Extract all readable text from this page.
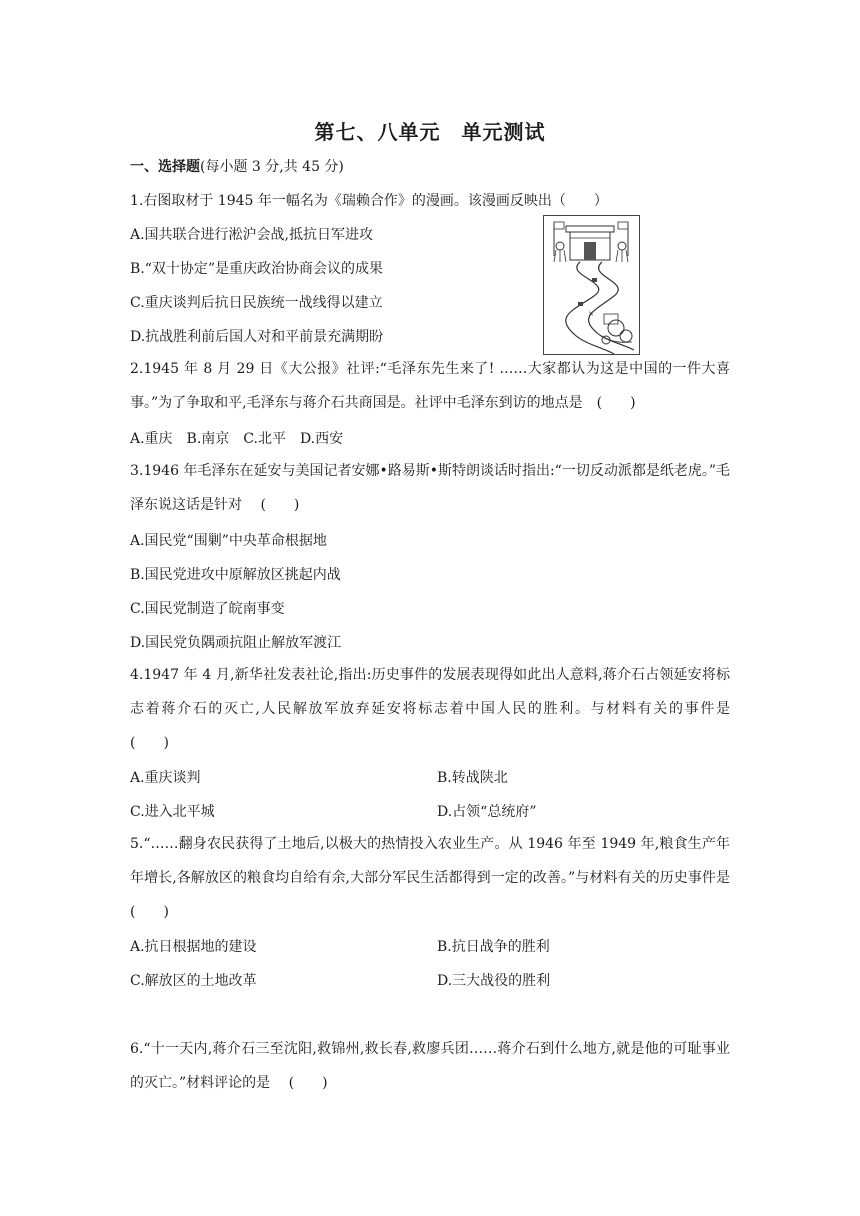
第七、八单元　单元测试
一、选择题(每小题 3 分,共 45 分)
1.右图取材于 1945 年一幅名为《瑞赖合作》的漫画。该漫画反映出（　　）
A.国共联合进行淞沪会战,抵抗日军进攻
B.“双十协定”是重庆政治协商会议的成果
C.重庆谈判后抗日民族统一战线得以建立
D.抗战胜利前后国人对和平前景充满期盼
✕
2.1945 年 8 月 29 日《大公报》社评:“毛泽东先生来了! ……大家都认为这是中国的一件大喜事。”为了争取和平,毛泽东与蒋介石共商国是。社评中毛泽东到访的地点是　(　　)
A.重庆　B.南京　C.北平　D.西安
3.1946 年毛泽东在延安与美国记者安娜•路易斯•斯特朗谈话时指出:“一切反动派都是纸老虎。”毛泽东说这话是针对　 (　　)
A.国民党“围剿”中央革命根据地
B.国民党进攻中原解放区挑起内战
C.国民党制造了皖南事变
D.国民党负隅顽抗阻止解放军渡江
4.1947 年 4 月,新华社发表社论,指出:历史事件的发展表现得如此出人意料,蒋介石占领延安将标志着蒋介石的灭亡,人民解放军放弃延安将标志着中国人民的胜利。与材料有关的事件是　　(　　)
A.重庆谈判	B.转战陕北
C.进入北平城	D.占领“总统府”
5.“……翻身农民获得了土地后,以极大的热情投入农业生产。从 1946 年至 1949 年,粮食生产年年增长,各解放区的粮食均自给有余,大部分军民生活都得到一定的改善。”与材料有关的历史事件是　　(　　)
A.抗日根据地的建设	B.抗日战争的胜利
C.解放区的土地改革	D.三大战役的胜利
6.“十一天内,蒋介石三至沈阳,救锦州,救长春,救廖兵团……蒋介石到什么地方,就是他的可耻事业的灭亡。”材料评论的是　 (　　)
